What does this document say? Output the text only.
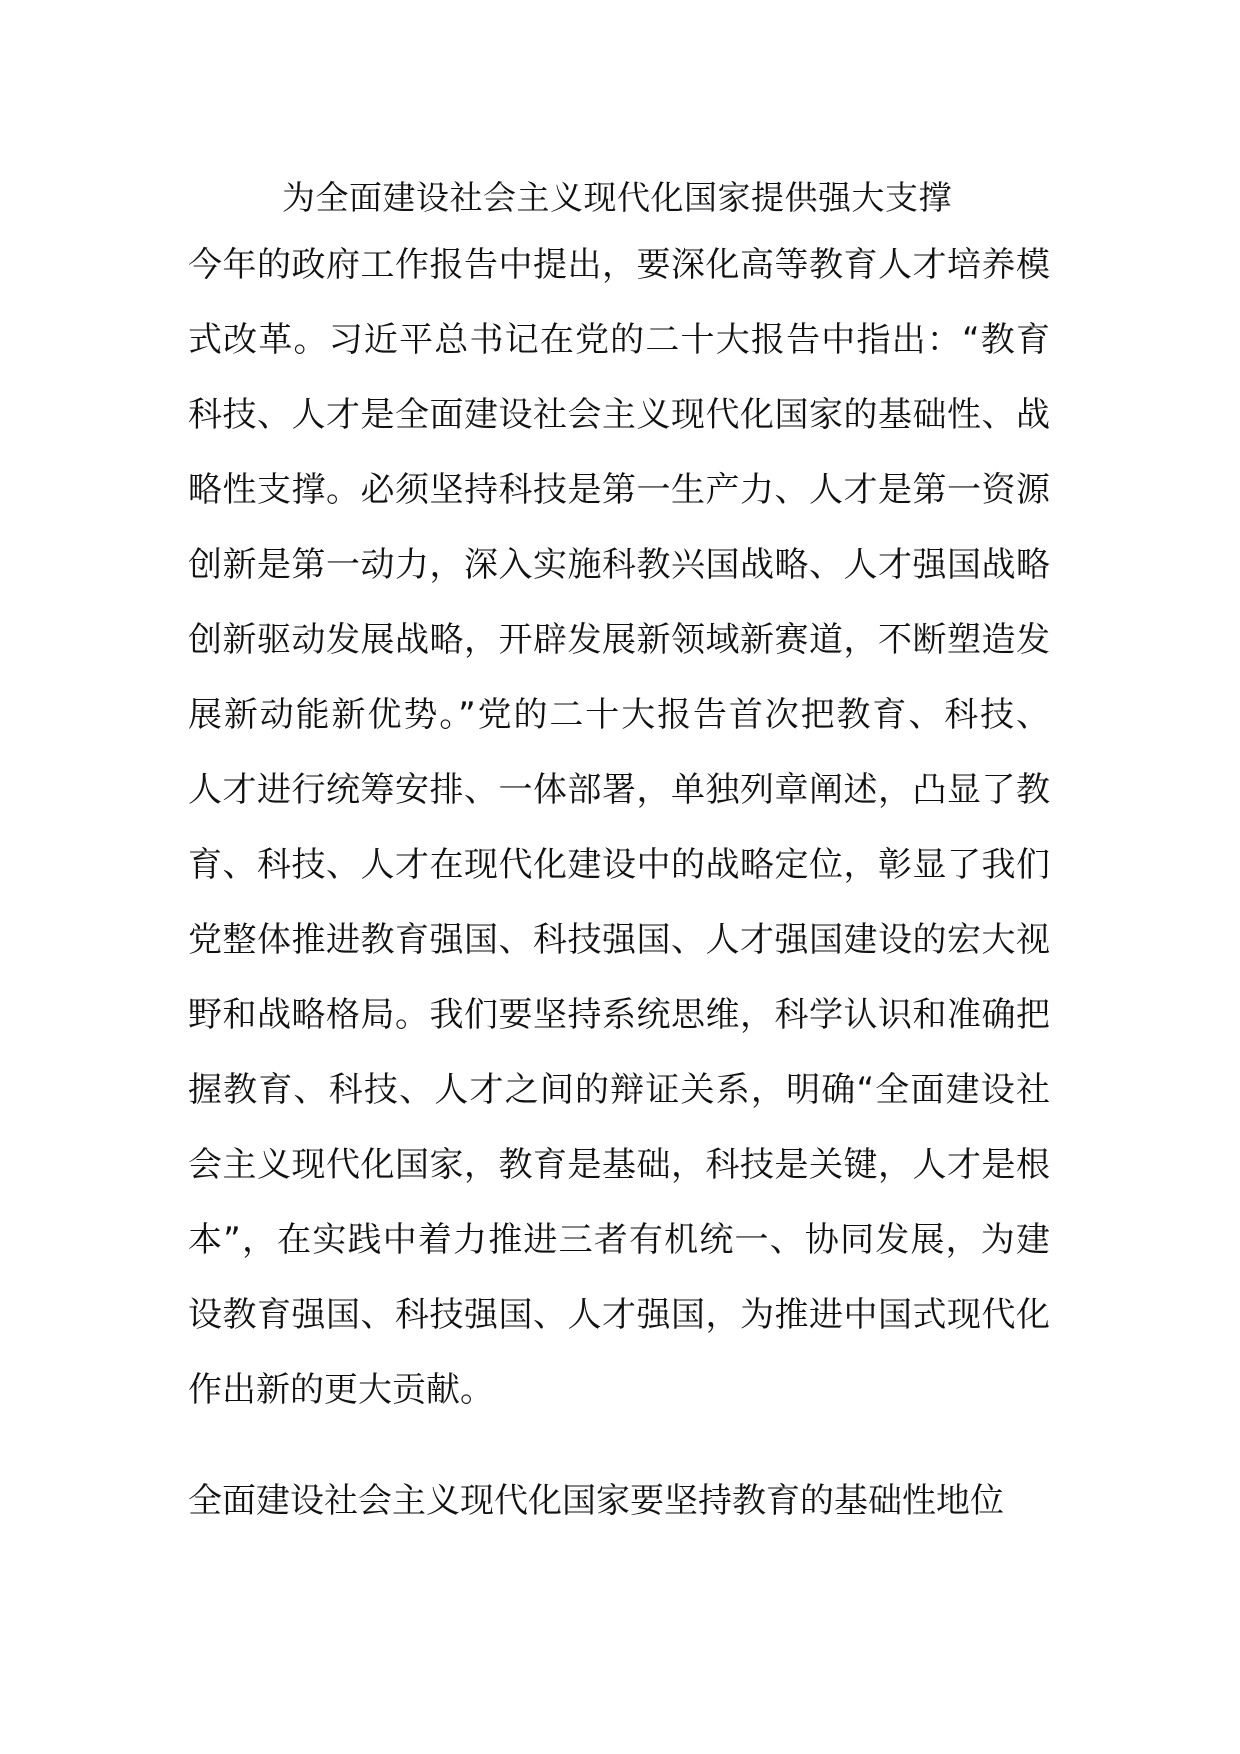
为全面建设社会主义现代化国家提供强大支撑
今年的政府工作报告中提出，要深化高等教育人才培养模
式改革。习近平总书记在党的二十大报告中指出：“教育
科技、人才是全面建设社会主义现代化国家的基础性、战
略性支撑。必须坚持科技是第一生产力、人才是第一资源
创新是第一动力，深入实施科教兴国战略、人才强国战略
创新驱动发展战略，开辟发展新领域新赛道，不断塑造发
展新动能新优势。”党的二十大报告首次把教育、科技、
人才进行统筹安排、一体部署，单独列章阐述，凸显了教
育、科技、人才在现代化建设中的战略定位，彰显了我们
党整体推进教育强国、科技强国、人才强国建设的宏大视
野和战略格局。我们要坚持系统思维，科学认识和准确把
握教育、科技、人才之间的辩证关系，明确“全面建设社
会主义现代化国家，教育是基础，科技是关键，人才是根
本”，在实践中着力推进三者有机统一、协同发展，为建
设教育强国、科技强国、人才强国，为推进中国式现代化
作出新的更大贡献。
全面建设社会主义现代化国家要坚持教育的基础性地位
